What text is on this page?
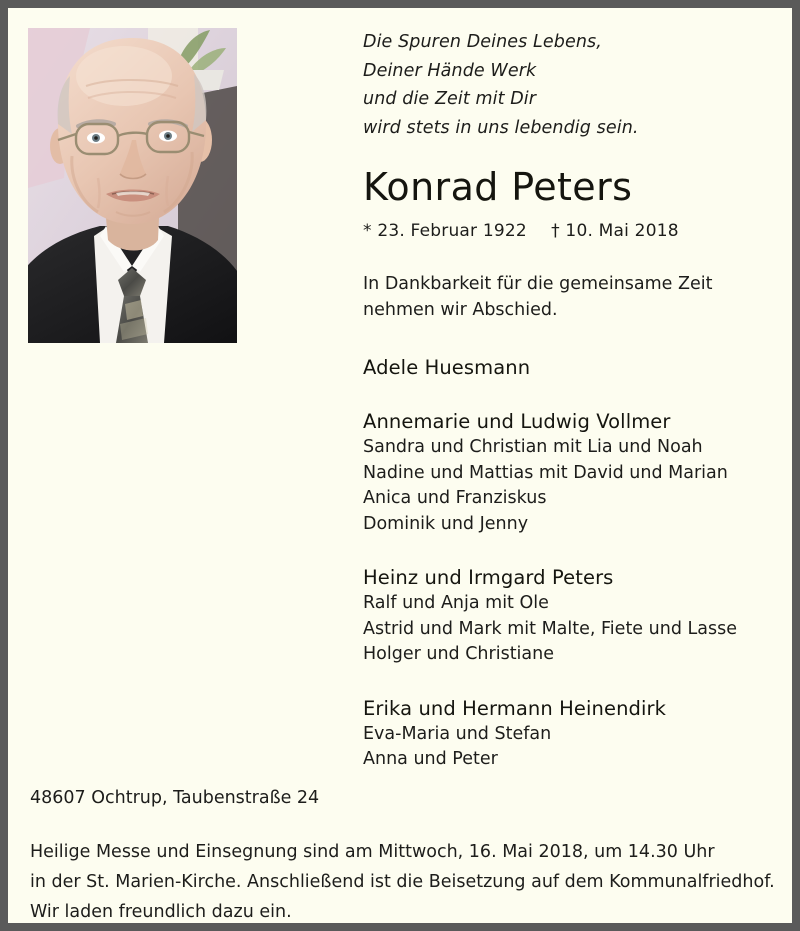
Die Spuren Deines Lebens,
Deiner Hände Werk
und die Zeit mit Dir
wird stets in uns lebendig sein.
Konrad Peters
* 23. Februar 1922 † 10. Mai 2018
In Dankbarkeit für die gemeinsame Zeit
nehmen wir Abschied.
Adele Huesmann
Annemarie und Ludwig Vollmer
Sandra und Christian mit Lia und Noah
Nadine und Mattias mit David und Marian
Anica und Franziskus
Dominik und Jenny
Heinz und Irmgard Peters
Ralf und Anja mit Ole
Astrid und Mark mit Malte, Fiete und Lasse
Holger und Christiane
Erika und Hermann Heinendirk
Eva-Maria und Stefan
Anna und Peter
48607 Ochtrup, Taubenstraße 24
Heilige Messe und Einsegnung sind am Mittwoch, 16. Mai 2018, um 14.30 Uhr
in der St. Marien-Kirche. Anschließend ist die Beisetzung auf dem Kommunalfriedhof.
Wir laden freundlich dazu ein.
